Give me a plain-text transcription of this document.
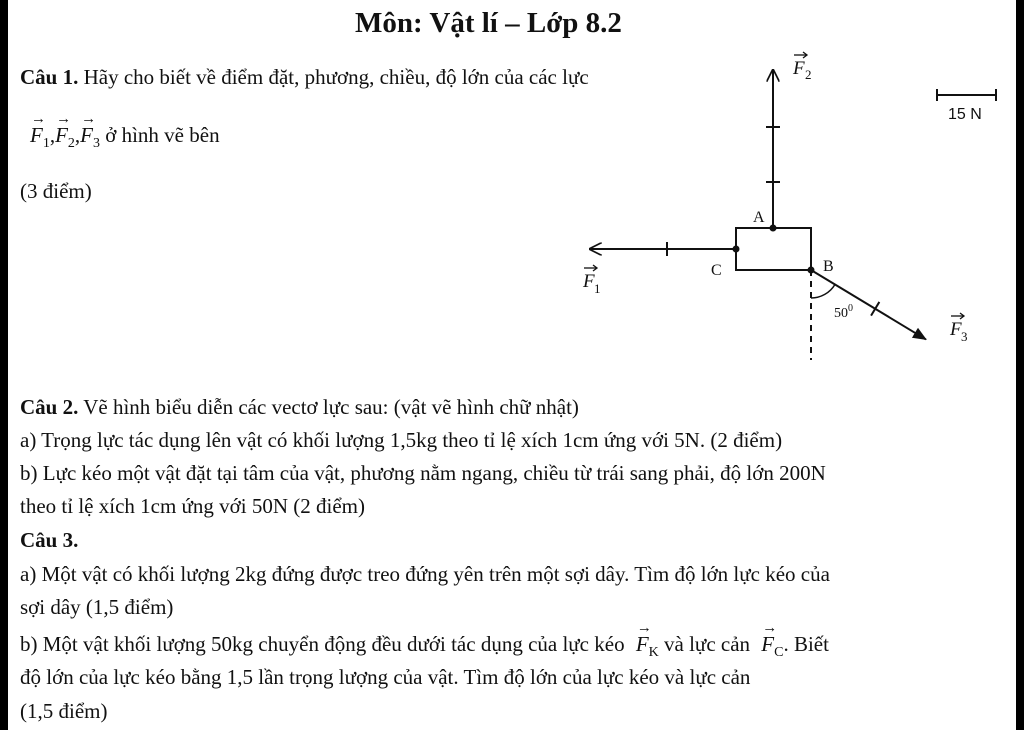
Môn: Vật lí – Lớp 8.2
Câu 1. Hãy cho biết về điểm đặt, phương, chiều, độ lớn của các lực
→ $F_1,\to F_2,\to F_3$ ở hình vẽ bên
(3 điểm)
15 N
A
B
C
$50^0$
F 2
F 1
F 3
Câu 2. Vẽ hình biểu diễn các vectơ lực sau: (vật vẽ hình chữ nhật)
a) Trọng lực tác dụng lên vật có khối lượng 1,5kg theo tỉ lệ xích 1cm ứng với 5N. (2 điểm)
b) Lực kéo một vật đặt tại tâm của vật, phương nằm ngang, chiều từ trái sang phải, độ lớn 200N
theo tỉ lệ xích 1cm ứng với 50N (2 điểm)
Câu 3.
a) Một vật có khối lượng 2kg đứng được treo đứng yên trên một sợi dây. Tìm độ lớn lực kéo của
sợi dây (1,5 điểm)
b) Một vật khối lượng 50kg chuyển động đều dưới tác dụng của lực kéo → $F_K$ và lực cản → $F_C$. Biết
độ lớn của lực kéo bằng 1,5 lần trọng lượng của vật. Tìm độ lớn của lực kéo và lực cản
(1,5 điểm)
